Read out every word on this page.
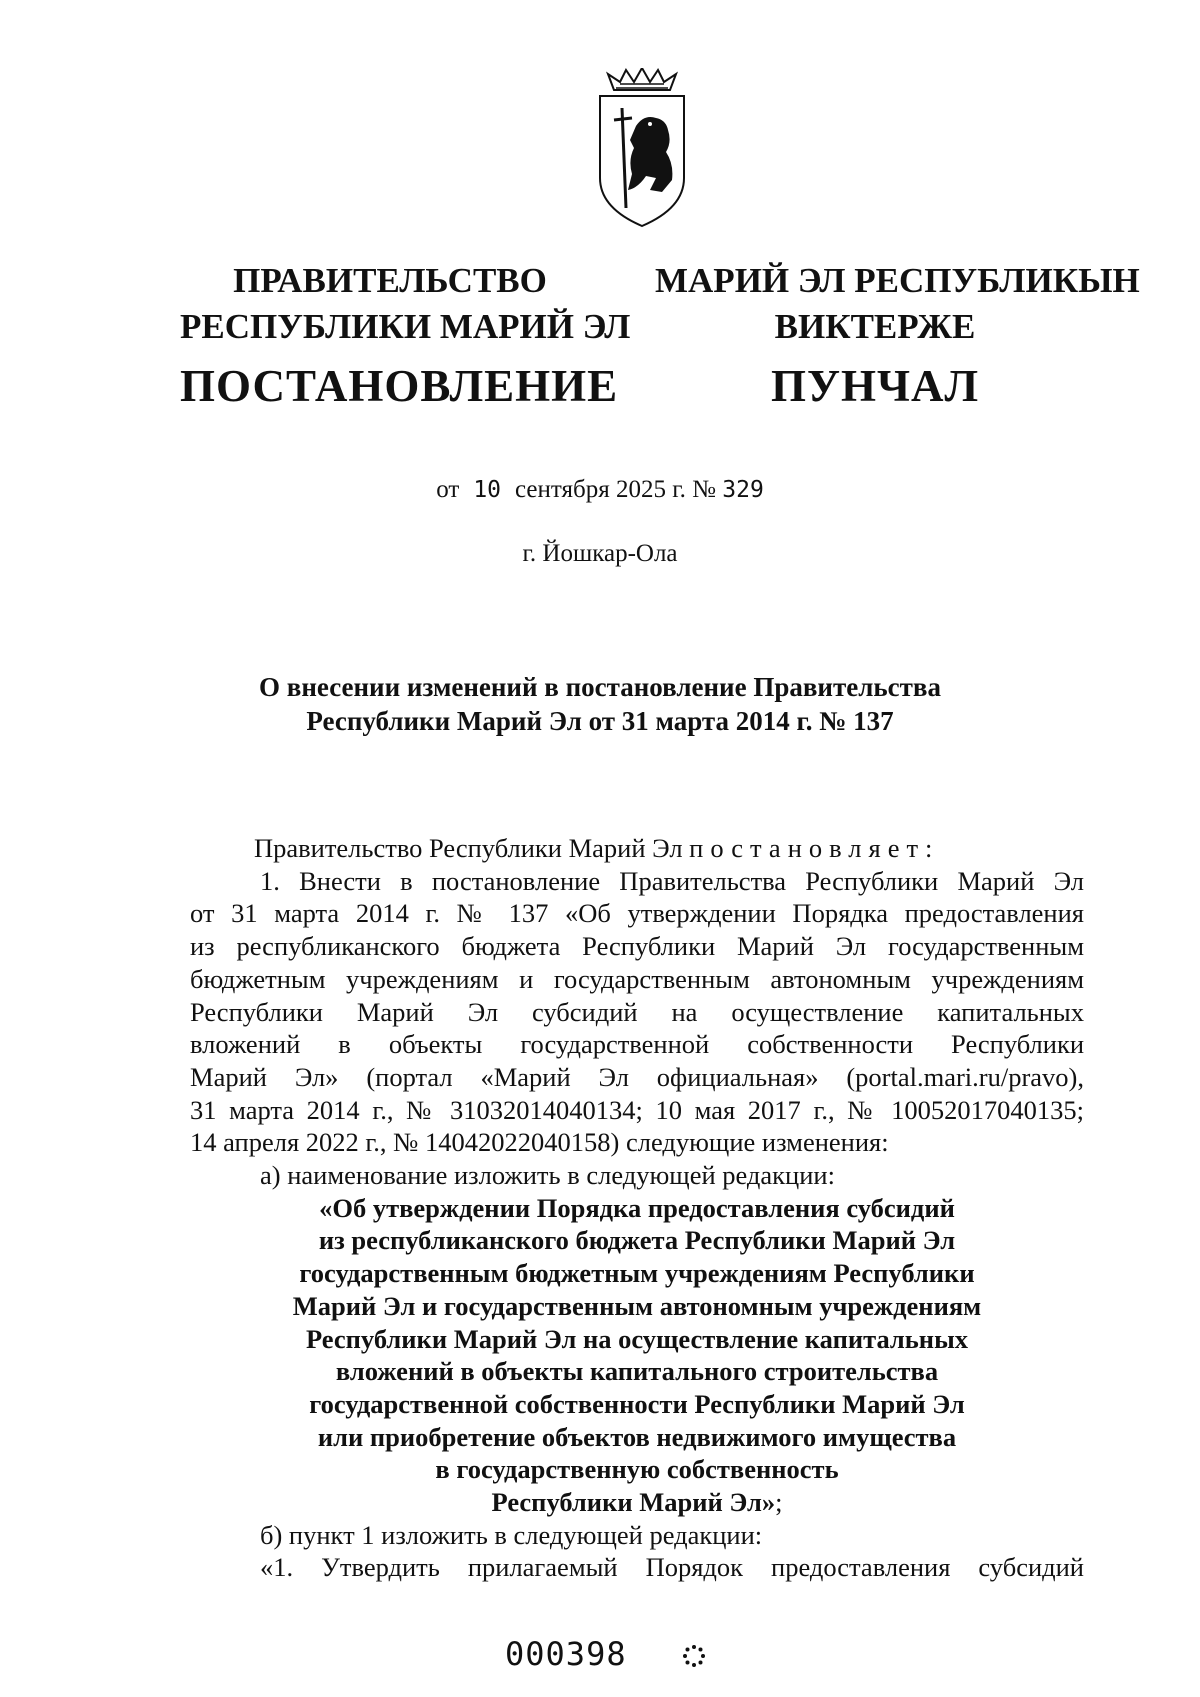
ПРАВИТЕЛЬСТВО
РЕСПУБЛИКИ МАРИЙ ЭЛ
ПОСТАНОВЛЕНИЕ
МАРИЙ ЭЛ РЕСПУБЛИКЫН
ВИКТЕРЖЕ
ПУНЧАЛ
от 10 сентября 2025 г. № 329
г. Йошкар-Ола
О внесении изменений в постановление Правительства
Республики Марий Эл от 31 марта 2014 г. № 137
Правительство Республики Марий Эл постановляет:
1. Внести в постановление Правительства Республики Марий Эл
от 31 марта 2014 г. № 137 «Об утверждении Порядка предоставления
из республиканского бюджета Республики Марий Эл государственным
бюджетным учреждениям и государственным автономным учреждениям
Республики Марий Эл субсидий на осуществление капитальных
вложений в объекты государственной собственности Республики
Марий Эл» (портал «Марий Эл официальная» (portal.mari.ru/pravo),
31 марта 2014 г., № 31032014040134; 10 мая 2017 г., № 10052017040135;
14 апреля 2022 г., № 14042022040158) следующие изменения:
а) наименование изложить в следующей редакции:
«Об утверждении Порядка предоставления субсидий
из республиканского бюджета Республики Марий Эл
государственным бюджетным учреждениям Республики
Марий Эл и государственным автономным учреждениям
Республики Марий Эл на осуществление капитальных
вложений в объекты капитального строительства
государственной собственности Республики Марий Эл
или приобретение объектов недвижимого имущества
в государственную собственность
Республики Марий Эл»;
б) пункт 1 изложить в следующей редакции:
«1. Утвердить прилагаемый Порядок предоставления субсидий
000398
